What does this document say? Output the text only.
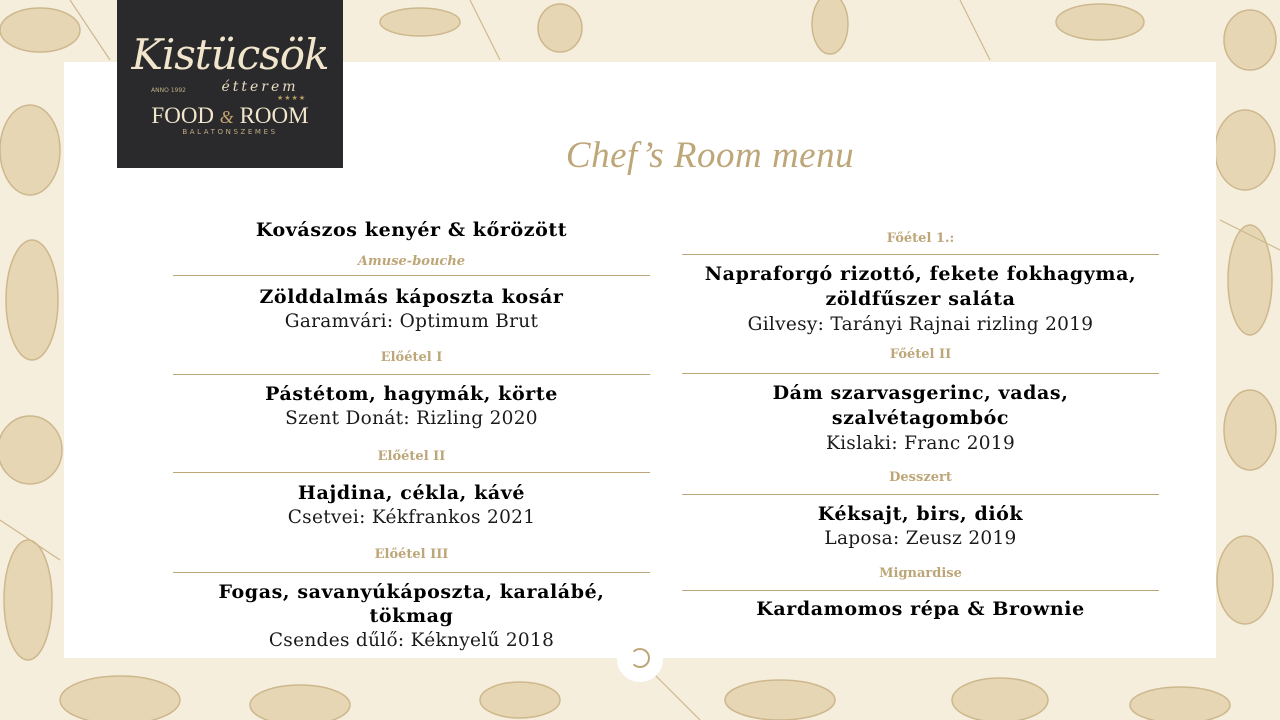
Kistücsök
ANNO 1992	étterem
★★★★
FOOD & ROOM
BALATONSZEMES
Chef’s Room menu
Kovászos kenyér & kőrözött
Amuse-bouche
Zölddalmás káposzta kosár
Garamvári: Optimum Brut
Előétel I
Pástétom, hagymák, körte
Szent Donát: Rizling 2020
Előétel II
Hajdina, cékla, kávé
Csetvei: Kékfrankos 2021
Előétel III
Fogas, savanyúkáposzta, karalábé,
tökmag
Csendes dűlő: Kéknyelű 2018
Főétel 1.:
Napraforgó rizottó, fekete fokhagyma,
zöldfűszer saláta
Gilvesy: Tarányi Rajnai rizling 2019
Főétel II
Dám szarvasgerinc, vadas,
szalvétagombóc
Kislaki: Franc 2019
Desszert
Kéksajt, birs, diók
Laposa: Zeusz 2019
Mignardise
Kardamomos répa & Brownie
